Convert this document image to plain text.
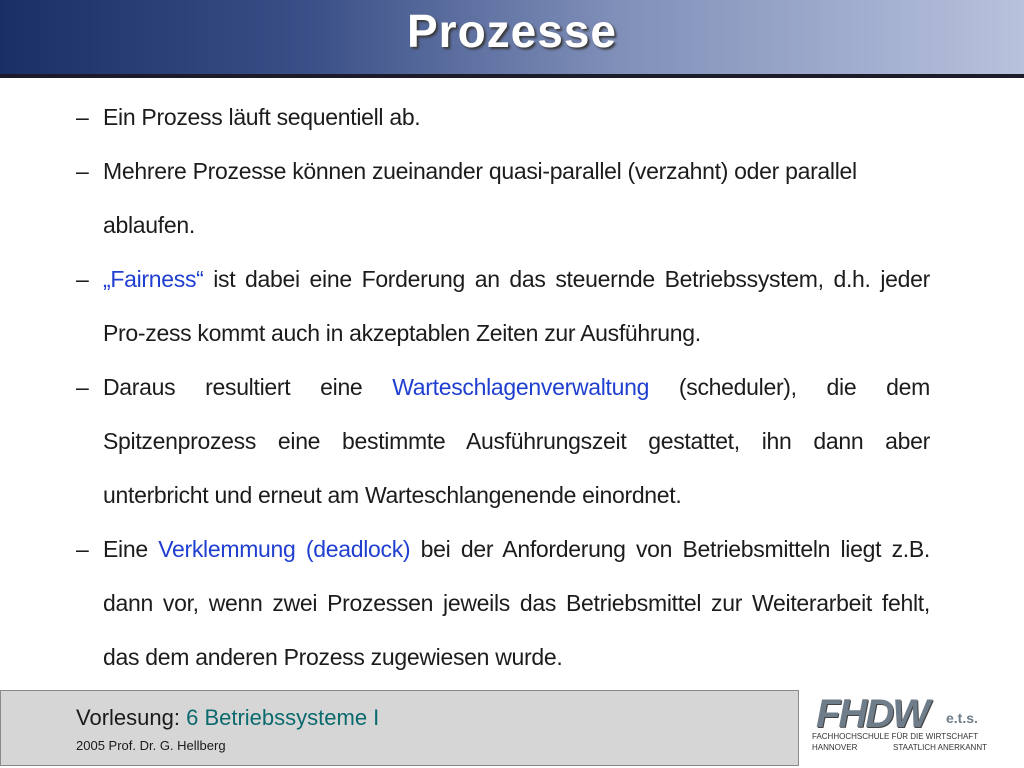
Prozesse
– Ein Prozess läuft sequentiell ab.
– Mehrere Prozesse können zueinander quasi-parallel (verzahnt) oder parallel ablaufen.
– „Fairness“ ist dabei eine Forderung an das steuernde Betriebssystem, d.h. jeder Pro-zess kommt auch in akzeptablen Zeiten zur Ausführung.
– Daraus resultiert eine Warteschlagenverwaltung (scheduler), die dem Spitzenprozess eine bestimmte Ausführungszeit gestattet, ihn dann aber unterbricht und erneut am Warteschlangenende einordnet.
– Eine Verklemmung (deadlock) bei der Anforderung von Betriebsmitteln liegt z.B. dann vor, wenn zwei Prozessen jeweils das Betriebsmittel zur Weiterarbeit fehlt, das dem anderen Prozess zugewiesen wurde.
Vorlesung: 6 Betriebssysteme I
2005 Prof. Dr. G. Hellberg
FHDW e.t.s.
FACHHOCHSCHULE FÜR DIE WIRTSCHAFT
HANNOVER	STAATLICH ANERKANNT
